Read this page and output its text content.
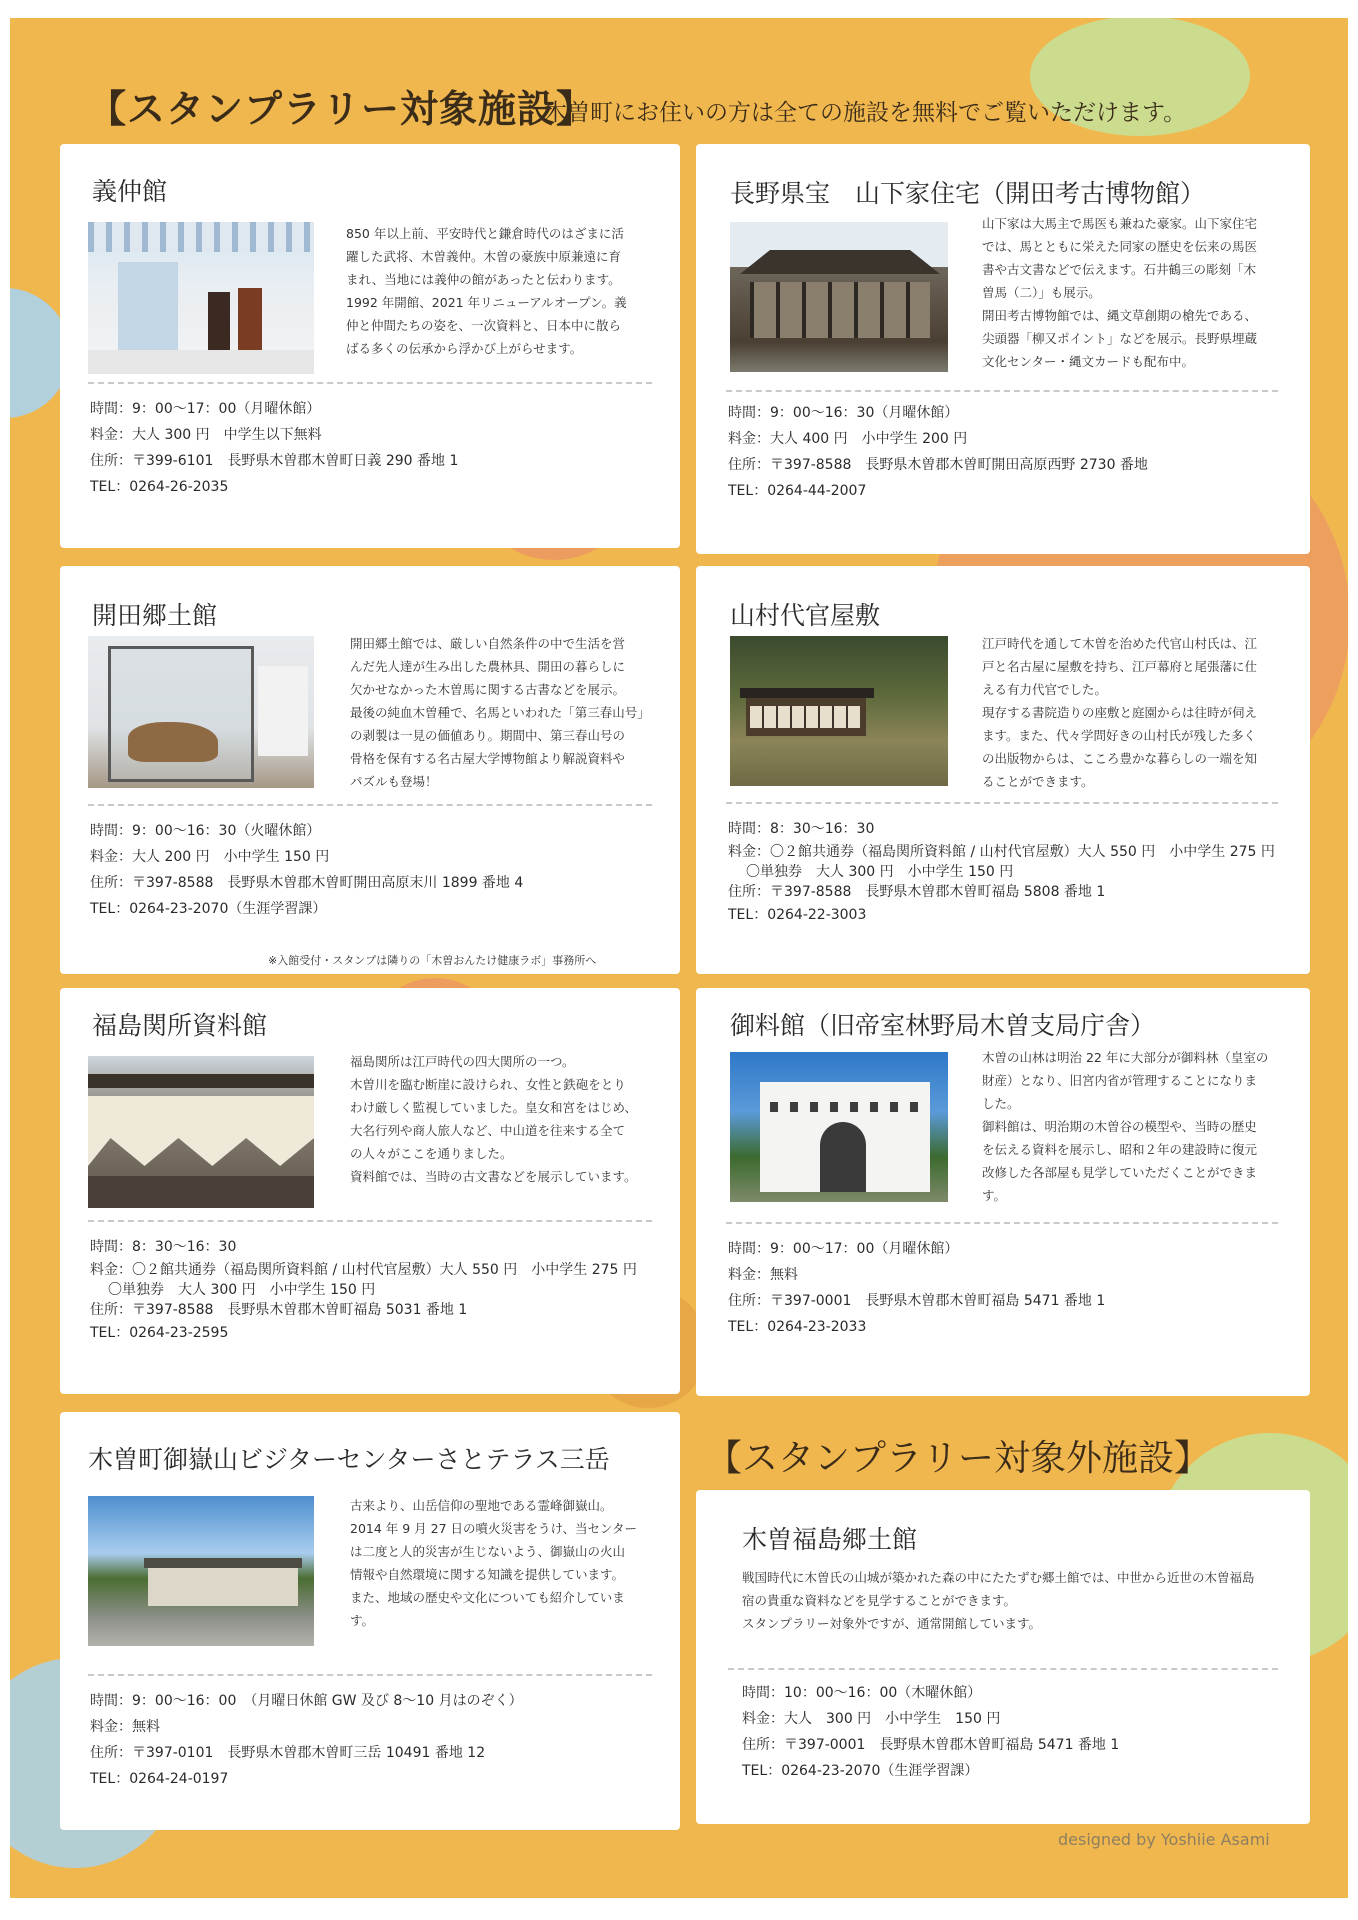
【スタンプラリー対象施設】
木曽町にお住いの方は全ての施設を無料でご覧いただけます。
義仲館
850 年以上前、平安時代と鎌倉時代のはざまに活
躍した武将、木曽義仲。木曽の豪族中原兼遠に育
まれ、当地には義仲の館があったと伝わります。
1992 年開館、2021 年リニューアルオープン。義
仲と仲間たちの姿を、一次資料と、日本中に散ら
ばる多くの伝承から浮かび上がらせます。
時間：9：00～17：00（月曜休館）
料金：大人 300 円　中学生以下無料
住所：〒399-6101　長野県木曽郡木曽町日義 290 番地 1
TEL：0264-26-2035
長野県宝　山下家住宅（開田考古博物館）
山下家は大馬主で馬医も兼ねた豪家。山下家住宅
では、馬とともに栄えた同家の歴史を伝来の馬医
書や古文書などで伝えます。石井鶴三の彫刻「木
曽馬（二）」も展示。
開田考古博物館では、縄文草創期の槍先である、
尖頭器「柳又ポイント」などを展示。長野県埋蔵
文化センター・縄文カードも配布中。
時間：9：00～16：30（月曜休館）
料金：大人 400 円　小中学生 200 円
住所：〒397-8588　長野県木曽郡木曽町開田高原西野 2730 番地
TEL：0264-44-2007
開田郷土館
開田郷土館では、厳しい自然条件の中で生活を営
んだ先人達が生み出した農林具、開田の暮らしに
欠かせなかった木曽馬に関する古書などを展示。
最後の純血木曽種で、名馬といわれた「第三春山号」
の剥製は一見の価値あり。期間中、第三春山号の
骨格を保有する名古屋大学博物館より解説資料や
パズルも登場！
時間：9：00～16：30（火曜休館）
料金：大人 200 円　小中学生 150 円
住所：〒397-8588　長野県木曽郡木曽町開田高原末川 1899 番地 4
TEL：0264-23-2070（生涯学習課）
※入館受付・スタンプは隣りの「木曽おんたけ健康ラボ」事務所へ
山村代官屋敷
江戸時代を通して木曽を治めた代官山村氏は、江
戸と名古屋に屋敷を持ち、江戸幕府と尾張藩に仕
える有力代官でした。
現存する書院造りの座敷と庭園からは往時が伺え
ます。また、代々学問好きの山村氏が残した多く
の出版物からは、こころ豊かな暮らしの一端を知
ることができます。
時間：8：30～16：30
料金：〇２館共通券（福島関所資料館 / 山村代官屋敷）大人 550 円　小中学生 275 円
〇単独券　大人 300 円　小中学生 150 円
住所：〒397-8588　長野県木曽郡木曽町福島 5808 番地 1
TEL：0264-22-3003
福島関所資料館
福島関所は江戸時代の四大関所の一つ。
木曽川を臨む断崖に設けられ、女性と鉄砲をとり
わけ厳しく監視していました。皇女和宮をはじめ、
大名行列や商人旅人など、中山道を往来する全て
の人々がここを通りました。
資料館では、当時の古文書などを展示しています。
時間：8：30～16：30
料金：〇２館共通券（福島関所資料館 / 山村代官屋敷）大人 550 円　小中学生 275 円
〇単独券　大人 300 円　小中学生 150 円
住所：〒397-8588　長野県木曽郡木曽町福島 5031 番地 1
TEL：0264-23-2595
御料館（旧帝室林野局木曽支局庁舎）
木曽の山林は明治 22 年に大部分が御料林（皇室の
財産）となり、旧宮内省が管理することになりま
した。
御料館は、明治期の木曽谷の模型や、当時の歴史
を伝える資料を展示し、昭和２年の建設時に復元
改修した各部屋も見学していただくことができま
す。
時間：9：00～17：00（月曜休館）
料金：無料
住所：〒397-0001　長野県木曽郡木曽町福島 5471 番地 1
TEL：0264-23-2033
木曽町御嶽山ビジターセンターさとテラス三岳
古来より、山岳信仰の聖地である霊峰御嶽山。
2014 年 9 月 27 日の噴火災害をうけ、当センター
は二度と人的災害が生じないよう、御嶽山の火山
情報や自然環境に関する知識を提供しています。
また、地域の歴史や文化についても紹介していま
す。
時間：9：00～16：00　（月曜日休館 GW 及び 8～10 月はのぞく）
料金：無料
住所：〒397-0101　長野県木曽郡木曽町三岳 10491 番地 12
TEL：0264-24-0197
【スタンプラリー対象外施設】
木曽福島郷土館
戦国時代に木曽氏の山城が築かれた森の中にたたずむ郷土館では、中世から近世の木曽福島
宿の貴重な資料などを見学することができます。
スタンプラリー対象外ですが、通常開館しています。
時間：10：00～16：00（木曜休館）
料金：大人　300 円　小中学生　150 円
住所：〒397-0001　長野県木曽郡木曽町福島 5471 番地 1
TEL：0264-23-2070（生涯学習課）
designed by Yoshiie Asami
